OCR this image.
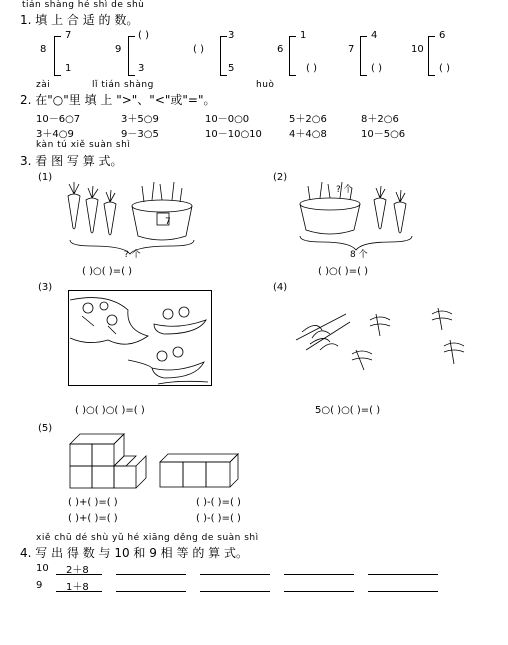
tián shàng hé shì de shù
1. 填 上 合 适 的 数。
8
7
1
9
( )
3
( )
3
5
6
1
( )
7
4
( )
10
6
( )
zài	lǐ tián shàng	huò
2. 在"○"里 填 上 ">"、"<"或"="。
10－6○7	3＋5○9	10－0○0	5＋2○6	8＋2○6
3＋4○9	9－3○5	10－10○10	4＋4○8	10－5○6
kàn tú xiě suàn shì
3. 看 图 写 算 式。
(1)
7
? 个
( )○( )=( )
(2)
? 个
8 个
( )○( )=( )
(3)
( )○( )○( )=( )
(4)
5○( )○( )=( )
(5)
( )+( )=( )
( )+( )=( )
( )-( )=( )
( )-( )=( )
xiě chū dé shù yǔ hé xiāng děng de suàn shì
4. 写 出 得 数 与 10 和 9 相 等 的 算 式。
10 2＋8
9 1＋8
